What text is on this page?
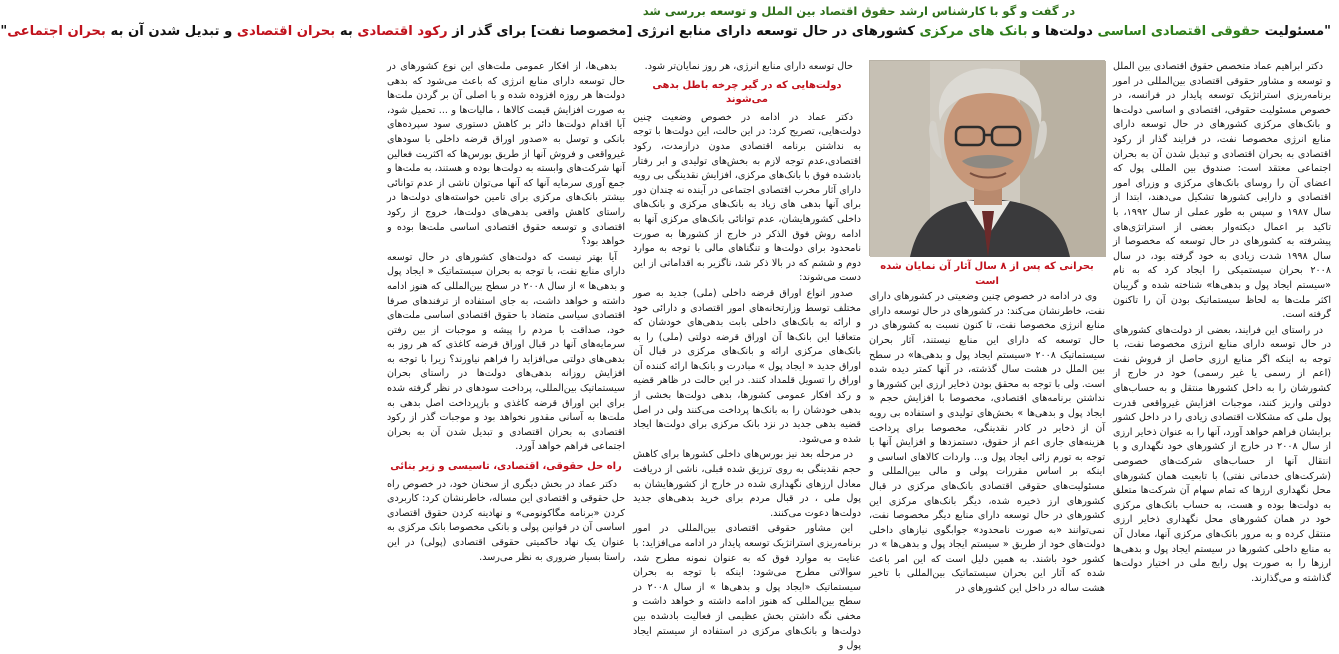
در گفت و گو با کارشناس ارشد حقوق اقتصاد بین الملل و توسعه بررسی شد
"مسئولیت حقوقی اقتصادی اساسی دولت‌ها و بانک های مرکزی کشورهای در حال توسعه دارای منابع انرژی [مخصوصا نفت] برای گذر از رکود اقتصادی به بحران اقتصادی و تبدیل شدن آن به بحران اجتماعی"

دکتر ابراهیم عماد متخصص حقوق اقتصادی بین الملل و توسعه و مشاور حقوقی اقتصادی بین‌المللی در امور برنامه‌ریزی استراتژیک توسعه پایدار در فرانسه، در خصوص مسئولیت حقوقی، اقتصادی و اساسی دولت‌ها و بانک‌های مرکزی کشورهای در حال توسعه دارای منابع انرژی مخصوصا نفت، در فرایند گذار از رکود اقتصادی به بحران اقتصادی و تبدیل شدن آن به بحران اجتماعی معتقد است: صندوق بین المللی پول که اعضای آن را روسای بانک‌های مرکزی و وزرای امور اقتصادی و دارایی کشورها تشکیل می‌دهند، ابتدا از سال ۱۹۸۷ و سپس به طور عملی از سال ۱۹۹۲، با تاکید بر اعمال دیکته‌وار بعضی از استراتژی‌های پیشرفته به کشورهای در حال توسعه که مخصوصا از سال ۱۹۹۸ شدت زیادی به خود گرفته بود، در سال ۲۰۰۸ بحران سیستمیکی را ایجاد کرد که به نام «سیستم ایجاد پول و بدهی‌ها» شناخته شده و گریبان اکثر ملت‌ها به لحاظ سیستماتیک بودن آن را تاکنون گرفته است.

در راستای این فرایند، بعضی از دولت‌های کشورهای در حال توسعه دارای منابع انرژی مخصوصا نفت، با توجه به اینکه اگر منابع ارزی حاصل از فروش نفت (اعم از رسمی یا غیر رسمی) خود در خارج از کشورشان را به داخل کشورها منتقل و به حساب‌های دولتی واریز کنند، موجبات افزایش غیرواقعی قدرت پول ملی که مشکلات اقتصادی زیادی را در داخل کشور برایشان فراهم خواهد آورد، آنها را به عنوان ذخایر ارزی از سال ۲۰۰۸ در خارج از کشورهای خود نگهداری و با انتقال آنها از حساب‌های شرکت‌های خصوصی (شرکت‌های خدماتی نفتی) با تابعیت همان کشورهای محل نگهداری ارزها که تمام سهام آن شرکت‌ها متعلق به دولت‌ها بوده و هست، به حساب بانک‌های مرکزی خود در همان کشورهای محل نگهداری ذخایر ارزی منتقل کرده و به مرور بانک‌های مرکزی آنها، معادل آن به منابع داخلی کشورها در سیستم ایجاد پول و بدهی‌ها ارزها را به صورت پول رایج ملی در اختیار دولت‌ها گذاشته و می‌گذارند.

بحرانی که پس از ۸ سال آثار آن نمایان شده است

وی در ادامه در خصوص چنین وضعیتی در کشورهای دارای نفت، خاطرنشان می‌کند: در کشورهای در حال توسعه دارای منابع انرژی مخصوصا نفت، تا کنون نسبت به کشورهای در حال توسعه که دارای این منابع نیستند، آثار بحران سیستماتیک ۲۰۰۸ «سیستم ایجاد پول و بدهی‌ها» در سطح بین الملل در هشت سال گذشته، در آنها کمتر دیده شده است. ولی با توجه به محقق بودن ذخایر ارزی این کشورها و نداشتن برنامه‌های اقتصادی، مخصوصا با افزایش حجم « ایجاد پول و بدهی‌ها » بخش‌های تولیدی و استفاده بی رویه آن از ذخایر در کادر نقدینگی، مخصوصا برای پرداخت هزینه‌های جاری اعم از حقوق، دستمزدها و افزایش آنها با توجه به تورم زائی ایجاد پول و... واردات کالاهای اساسی و اینکه بر اساس مقررات پولی و مالی بین‌المللی و مسئولیت‌های حقوقی اقتصادی بانک‌های مرکزی در قبال کشورهای ارز ذخیره شده، دیگر بانک‌های مرکزی این کشورهای در حال توسعه دارای منابع دیگر مخصوصا نفت، نمی‌توانند «به صورت نامحدود» جوابگوی نیازهای داخلی دولت‌های خود از طریق « سیستم ایجاد پول و بدهی‌ها » در کشور خود باشند. به همین دلیل است که این امر باعث شده که آثار این بحران سیستماتیک بین‌المللی با تاخیر هشت ساله در داخل این کشورهای در

حال توسعه دارای منابع انرژی، هر روز نمایان‌تر شود.

دولت‌هایی که در گیر چرخه باطل بدهی می‌شوند

دکتر عماد در ادامه در خصوص وضعیت چنین دولت‌هایی، تصریح کرد: در این حالت، این دولت‌ها با توجه به نداشتن برنامه اقتصادی مدون درازمدت، رکود اقتصادی،عدم توجه لازم به بخش‌های تولیدی و ابر رفتار بادشده فوق با بانک‌های مرکزی، افزایش نقدینگی بی رویه دارای آثار مخرب اقتصادی اجتماعی در آینده نه چندان دور برای آنها بدهی های زیاد به بانک‌های مرکزی و بانک‌های داخلی کشورهایشان، عدم توانائی بانک‌های مرکزی آنها به ادامه روش فوق الذکر در خارج از کشورها به صورت نامحدود برای دولت‌ها و تنگناهای مالی با توجه به موارد دوم و ششم که در بالا ذکر شد، ناگزیر به اقداماتی از این دست می‌شوند:

صدور انواع اوراق قرضه داخلی (ملی) جدید به صور مختلف توسط وزارتخانه‌های امور اقتصادی و دارائی خود و ارائه به بانک‌های داخلی بابت بدهی‌های خودشان که متعاقبا این بانک‌ها آن اوراق قرضه دولتی (ملی) را به بانک‌های مرکزی ارائه و بانک‌های مرکزی در قبال آن اوراق جدید « ایجاد پول » مبادرت و بانک‌ها ارائه کننده آن اوراق را تسویل قلمداد کنند. در این حالت در ظاهر قضیه و رکد افکار عمومی کشورها، بدهی دولت‌ها بخشی از بدهی خودشان را به بانک‌ها پرداخت می‌کنند ولی در اصل قضیه بدهی جدید در نزد بانک مرکزی برای دولت‌ها ایجاد شده و می‌شود.

در مرحله بعد نیز بورس‌های داخلی کشورها برای کاهش حجم نقدینگی به روی ترزیق شده قبلی، ناشی از دریافت معادل ارزهای نگهداری شده در خارج از کشورهایشان به پول ملی ، در قبال مردم برای خرید بدهی‌های جدید دولت‌ها دعوت می‌کنند.

این مشاور حقوقی اقتصادی بین‌المللی در امور برنامه‌ریزی استراتژیک توسعه پایدار در ادامه می‌افزاید: با عنایت به موارد فوق که به عنوان نمونه مطرح شد، سوالاتی مطرح می‌شود: اینکه با توجه به بحران سیستماتیک «ایجاد پول و بدهی‌ها » از سال ۲۰۰۸ در سطح بین‌المللی که هنوز ادامه داشته و خواهد داشت و مخفی نگه داشتن بخش عظیمی از فعالیت بادشده بین دولت‌ها و بانک‌های مرکزی در استفاده از سیستم ایجاد پول و

بدهی‌ها، از افکار عمومی ملت‌های این نوع کشورهای در حال توسعه دارای منابع انرژی که باعث می‌شود که بدهی دولت‌ها هر روزه افزوده شده و با اصلی آن بر گردن ملت‌ها به صورت افزایش قیمت کالاها ، مالیات‌ها و ... تحمیل شود، آیا اقدام دولت‌ها دائر بر کاهش دستوری سود سپرده‌های بانکی و توسل به «صدور اوراق قرضه داخلی با سودهای غیرواقعی و فروش آنها از طریق بورس‌ها که اکثریت فعالین آنها شرکت‌های وابسته به دولت‌ها بوده و هستند، به ملت‌ها و جمع آوری سرمایه آنها که آنها می‌توان ناشی از عدم توانائی بیشتر بانک‌های مرکزی برای تامین خواسته‌های دولت‌ها در راستای کاهش واقعی بدهی‌های دولت‌ها، خروج از رکود اقتصادی و توسعه حقوق اقتصادی اساسی ملت‌ها بوده و خواهد بود؟

آیا بهتر نیست که دولت‌های کشورهای در حال توسعه دارای منابع نفت، با توجه به بحران سیستماتیک « ایجاد پول و بدهی‌ها » از سال ۲۰۰۸ در سطح بین‌المللی که هنوز ادامه داشته و خواهد داشت، به جای استفاده از ترفندهای صرفا اقتصادی سیاسی متضاد با حقوق اقتصادی اساسی ملت‌های خود، صداقت با مردم را پیشه و موجبات از بین رفتن سرمایه‌های آنها در قبال اوراق قرضه کاغذی که هر روز به بدهی‌های دولتی می‌افزاید را فراهم نیاورند؟ زیرا با توجه به افزایش روزانه بدهی‌های دولت‌ها در راستای بحران سیستماتیک بین‌المللی، پرداخت سودهای در نظر گرفته شده برای این اوراق قرضه کاغذی و بازپرداخت اصل بدهی به ملت‌ها به آسانی مقدور نخواهد بود و موجبات گذر از رکود اقتصادی به بحران اقتصادی و تبدیل شدن آن به بحران اجتماعی فراهم خواهد آورد.

راه حل حقوقی، اقتصادی، تاسیسی و زیر بنائی

دکتر عماد در بخش دیگری از سخنان خود، در خصوص راه حل حقوقی و اقتصادی این مساله، خاطرنشان کرد: کاربردی کردن «برنامه مگاکونومی» و نهادینه کردن حقوق اقتصادی اساسی آن در قوانین پولی و بانکی مخصوصا بانک مرکزی به عنوان یک نهاد حاکمیتی حقوقی اقتصادی (پولی) در این راستا بسیار ضروری به نظر می‌رسد.
